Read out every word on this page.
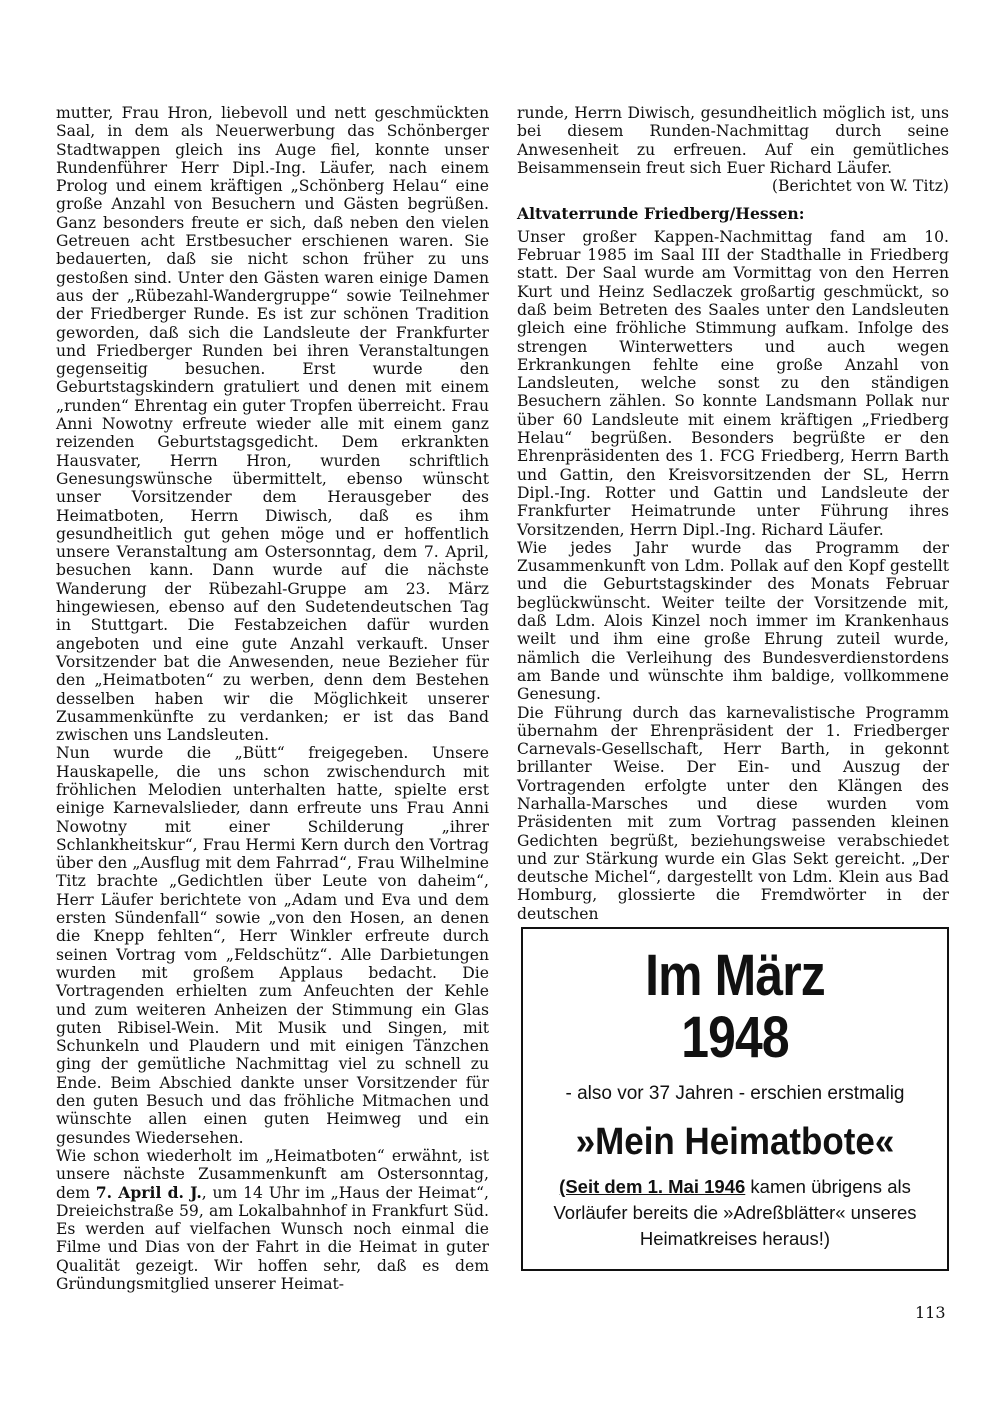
mutter, Frau Hron, liebevoll und nett geschmückten Saal, in dem als Neuerwerbung das Schönberger Stadtwappen gleich ins Auge fiel, konnte unser Rundenführer Herr Dipl.-Ing. Läufer, nach einem Prolog und einem kräftigen „Schönberg Helau“ eine große Anzahl von Besuchern und Gästen begrüßen. Ganz besonders freute er sich, daß neben den vielen Getreuen acht Erstbesucher erschienen waren. Sie bedauerten, daß sie nicht schon früher zu uns gestoßen sind. Unter den Gästen waren einige Damen aus der „Rübezahl-Wandergruppe“ sowie Teilnehmer der Friedberger Runde. Es ist zur schönen Tradition geworden, daß sich die Landsleute der Frankfurter und Friedberger Runden bei ihren Veranstaltungen gegenseitig besuchen. Erst wurde den Geburtstagskindern gratuliert und denen mit einem „runden“ Ehrentag ein guter Tropfen überreicht. Frau Anni Nowotny erfreute wieder alle mit einem ganz reizenden Geburtstagsgedicht. Dem erkrankten Hausvater, Herrn Hron, wurden schriftlich Genesungswünsche übermittelt, ebenso wünscht unser Vorsitzender dem Herausgeber des Heimatboten, Herrn Diwisch, daß es ihm gesundheitlich gut gehen möge und er hoffentlich unsere Veranstaltung am Ostersonntag, dem 7. April, besuchen kann. Dann wurde auf die nächste Wanderung der Rübezahl-Gruppe am 23. März hingewiesen, ebenso auf den Sudetendeutschen Tag in Stuttgart. Die Festabzeichen dafür wurden angeboten und eine gute Anzahl verkauft. Unser Vorsitzender bat die Anwesenden, neue Bezieher für den „Heimatboten“ zu werben, denn dem Bestehen desselben haben wir die Möglichkeit unserer Zusammenkünfte zu verdanken; er ist das Band zwischen uns Landsleuten.

Nun wurde die „Bütt“ freigegeben. Unsere Hauskapelle, die uns schon zwischendurch mit fröhlichen Melodien unterhalten hatte, spielte erst einige Karnevalslieder, dann erfreute uns Frau Anni Nowotny mit einer Schilderung „ihrer Schlankheitskur“, Frau Hermi Kern durch den Vortrag über den „Ausflug mit dem Fahrrad“, Frau Wilhelmine Titz brachte „Gedichtlen über Leute von daheim“, Herr Läufer berichtete von „Adam und Eva und dem ersten Sündenfall“ sowie „von den Hosen, an denen die Knepp fehlten“, Herr Winkler erfreute durch seinen Vortrag vom „Feldschütz“. Alle Darbietungen wurden mit großem Applaus bedacht. Die Vortragenden erhielten zum Anfeuchten der Kehle und zum weiteren Anheizen der Stimmung ein Glas guten Ribisel-Wein. Mit Musik und Singen, mit Schunkeln und Plaudern und mit einigen Tänzchen ging der gemütliche Nachmittag viel zu schnell zu Ende. Beim Abschied dankte unser Vorsitzender für den guten Besuch und das fröhliche Mitmachen und wünschte allen einen guten Heimweg und ein gesundes Wiedersehen.

Wie schon wiederholt im „Heimatboten“ erwähnt, ist unsere nächste Zusammenkunft am Ostersonntag, dem 7. April d. J., um 14 Uhr im „Haus der Heimat“, Dreieichstraße 59, am Lokalbahnhof in Frankfurt Süd. Es werden auf vielfachen Wunsch noch einmal die Filme und Dias von der Fahrt in die Heimat in guter Qualität gezeigt. Wir hoffen sehr, daß es dem Gründungsmitglied unserer Heimat-

runde, Herrn Diwisch, gesundheitlich möglich ist, uns bei diesem Runden-Nachmittag durch seine Anwesenheit zu erfreuen. Auf ein gemütliches Beisammensein freut sich Euer Richard Läufer.

(Berichtet von W. Titz)

Altvaterrunde Friedberg/Hessen:

Unser großer Kappen-Nachmittag fand am 10. Februar 1985 im Saal III der Stadthalle in Friedberg statt. Der Saal wurde am Vormittag von den Herren Kurt und Heinz Sedlaczek großartig geschmückt, so daß beim Betreten des Saales unter den Landsleuten gleich eine fröhliche Stimmung aufkam. Infolge des strengen Winterwetters und auch wegen Erkrankungen fehlte eine große Anzahl von Landsleuten, welche sonst zu den ständigen Besuchern zählen. So konnte Landsmann Pollak nur über 60 Landsleute mit einem kräftigen „Friedberg Helau“ begrüßen. Besonders begrüßte er den Ehrenpräsidenten des 1. FCG Friedberg, Herrn Barth und Gattin, den Kreisvorsitzenden der SL, Herrn Dipl.-Ing. Rotter und Gattin und Landsleute der Frankfurter Heimatrunde unter Führung ihres Vorsitzenden, Herrn Dipl.-Ing. Richard Läufer.

Wie jedes Jahr wurde das Programm der Zusammenkunft von Ldm. Pollak auf den Kopf gestellt und die Geburtstagskinder des Monats Februar beglückwünscht. Weiter teilte der Vorsitzende mit, daß Ldm. Alois Kinzel noch immer im Krankenhaus weilt und ihm eine große Ehrung zuteil wurde, nämlich die Verleihung des Bundesverdienstordens am Bande und wünschte ihm baldige, vollkommene Genesung.

Die Führung durch das karnevalistische Programm übernahm der Ehrenpräsident der 1. Friedberger Carnevals-Gesellschaft, Herr Barth, in gekonnt brillanter Weise. Der Ein- und Auszug der Vortragenden erfolgte unter den Klängen des Narhalla-Marsches und diese wurden vom Präsidenten mit zum Vortrag passenden kleinen Gedichten begrüßt, beziehungsweise verabschiedet und zur Stärkung wurde ein Glas Sekt gereicht. „Der deutsche Michel“, dargestellt von Ldm. Klein aus Bad Homburg, glossierte die Fremdwörter in der deutschen

Im März
1948
- also vor 37 Jahren - erschien erstmalig
»Mein Heimatbote«
(Seit dem 1. Mai 1946 kamen übrigens als Vorläufer bereits die »Adreßblätter« unseres Heimatkreises heraus!)
113
